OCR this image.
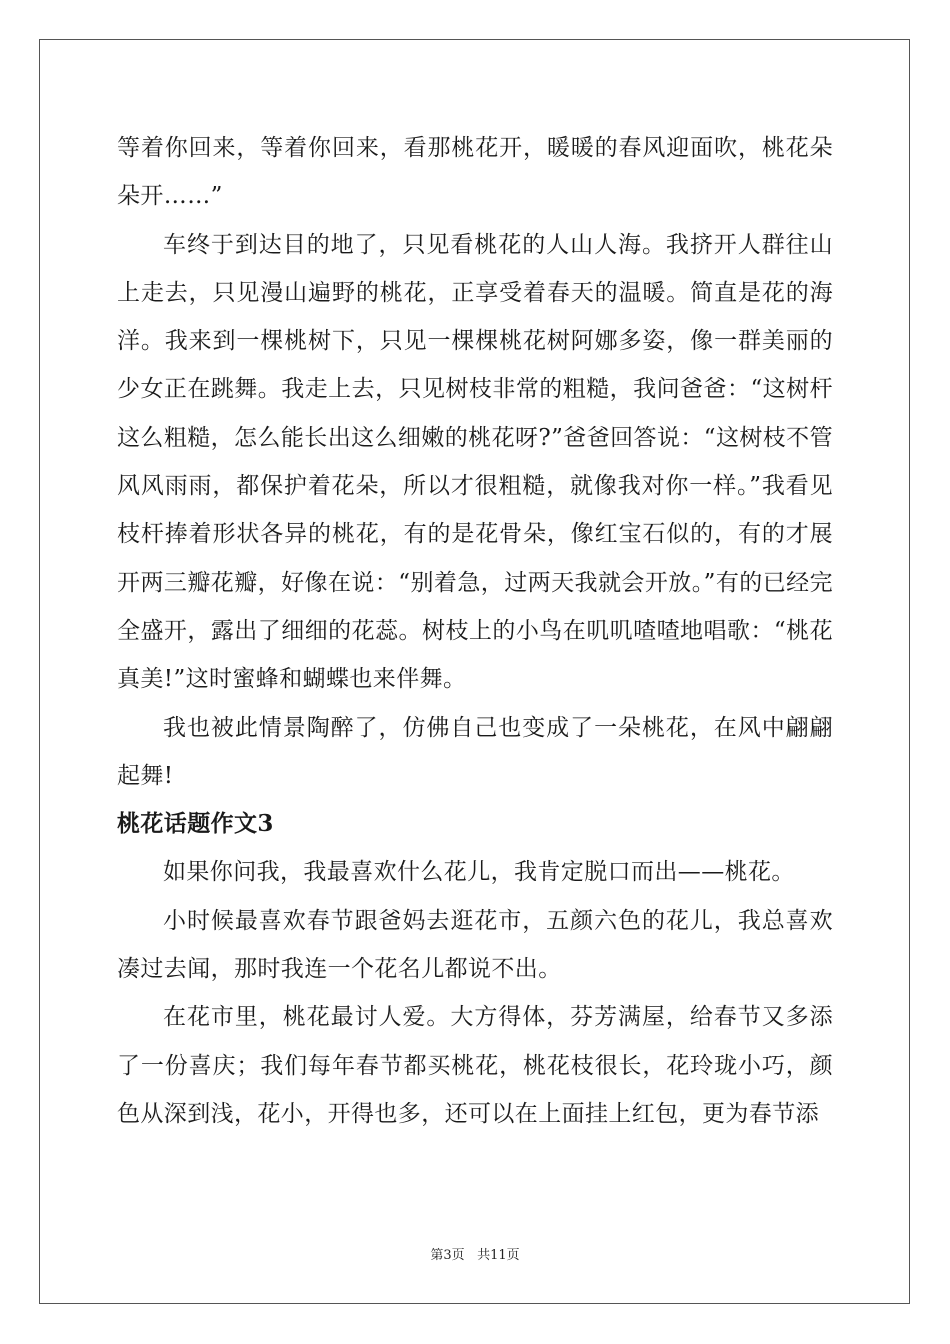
等着你回来，等着你回来，看那桃花开，暖暖的春风迎面吹，桃花朵朵开……”

车终于到达目的地了，只见看桃花的人山人海。我挤开人群往山上走去，只见漫山遍野的桃花，正享受着春天的温暖。简直是花的海洋。我来到一棵桃树下，只见一棵棵桃花树阿娜多姿，像一群美丽的少女正在跳舞。我走上去，只见树枝非常的粗糙，我问爸爸：“这树杆这么粗糙，怎么能长出这么细嫩的桃花呀?”爸爸回答说：“这树枝不管风风雨雨，都保护着花朵，所以才很粗糙，就像我对你一样。”我看见枝杆捧着形状各异的桃花，有的是花骨朵，像红宝石似的，有的才展开两三瓣花瓣，好像在说：“别着急，过两天我就会开放。”有的已经完全盛开，露出了细细的花蕊。树枝上的小鸟在叽叽喳喳地唱歌：“桃花真美!”这时蜜蜂和蝴蝶也来伴舞。

我也被此情景陶醉了，仿佛自己也变成了一朵桃花，在风中翩翩起舞!

桃花话题作文3

如果你问我，我最喜欢什么花儿，我肯定脱口而出——桃花。

小时候最喜欢春节跟爸妈去逛花市，五颜六色的花儿，我总喜欢凑过去闻，那时我连一个花名儿都说不出。

在花市里，桃花最讨人爱。大方得体，芬芳满屋，给春节又多添了一份喜庆；我们每年春节都买桃花，桃花枝很长，花玲珑小巧，颜色从深到浅，花小，开得也多，还可以在上面挂上红包，更为春节添

第3页 共11页
